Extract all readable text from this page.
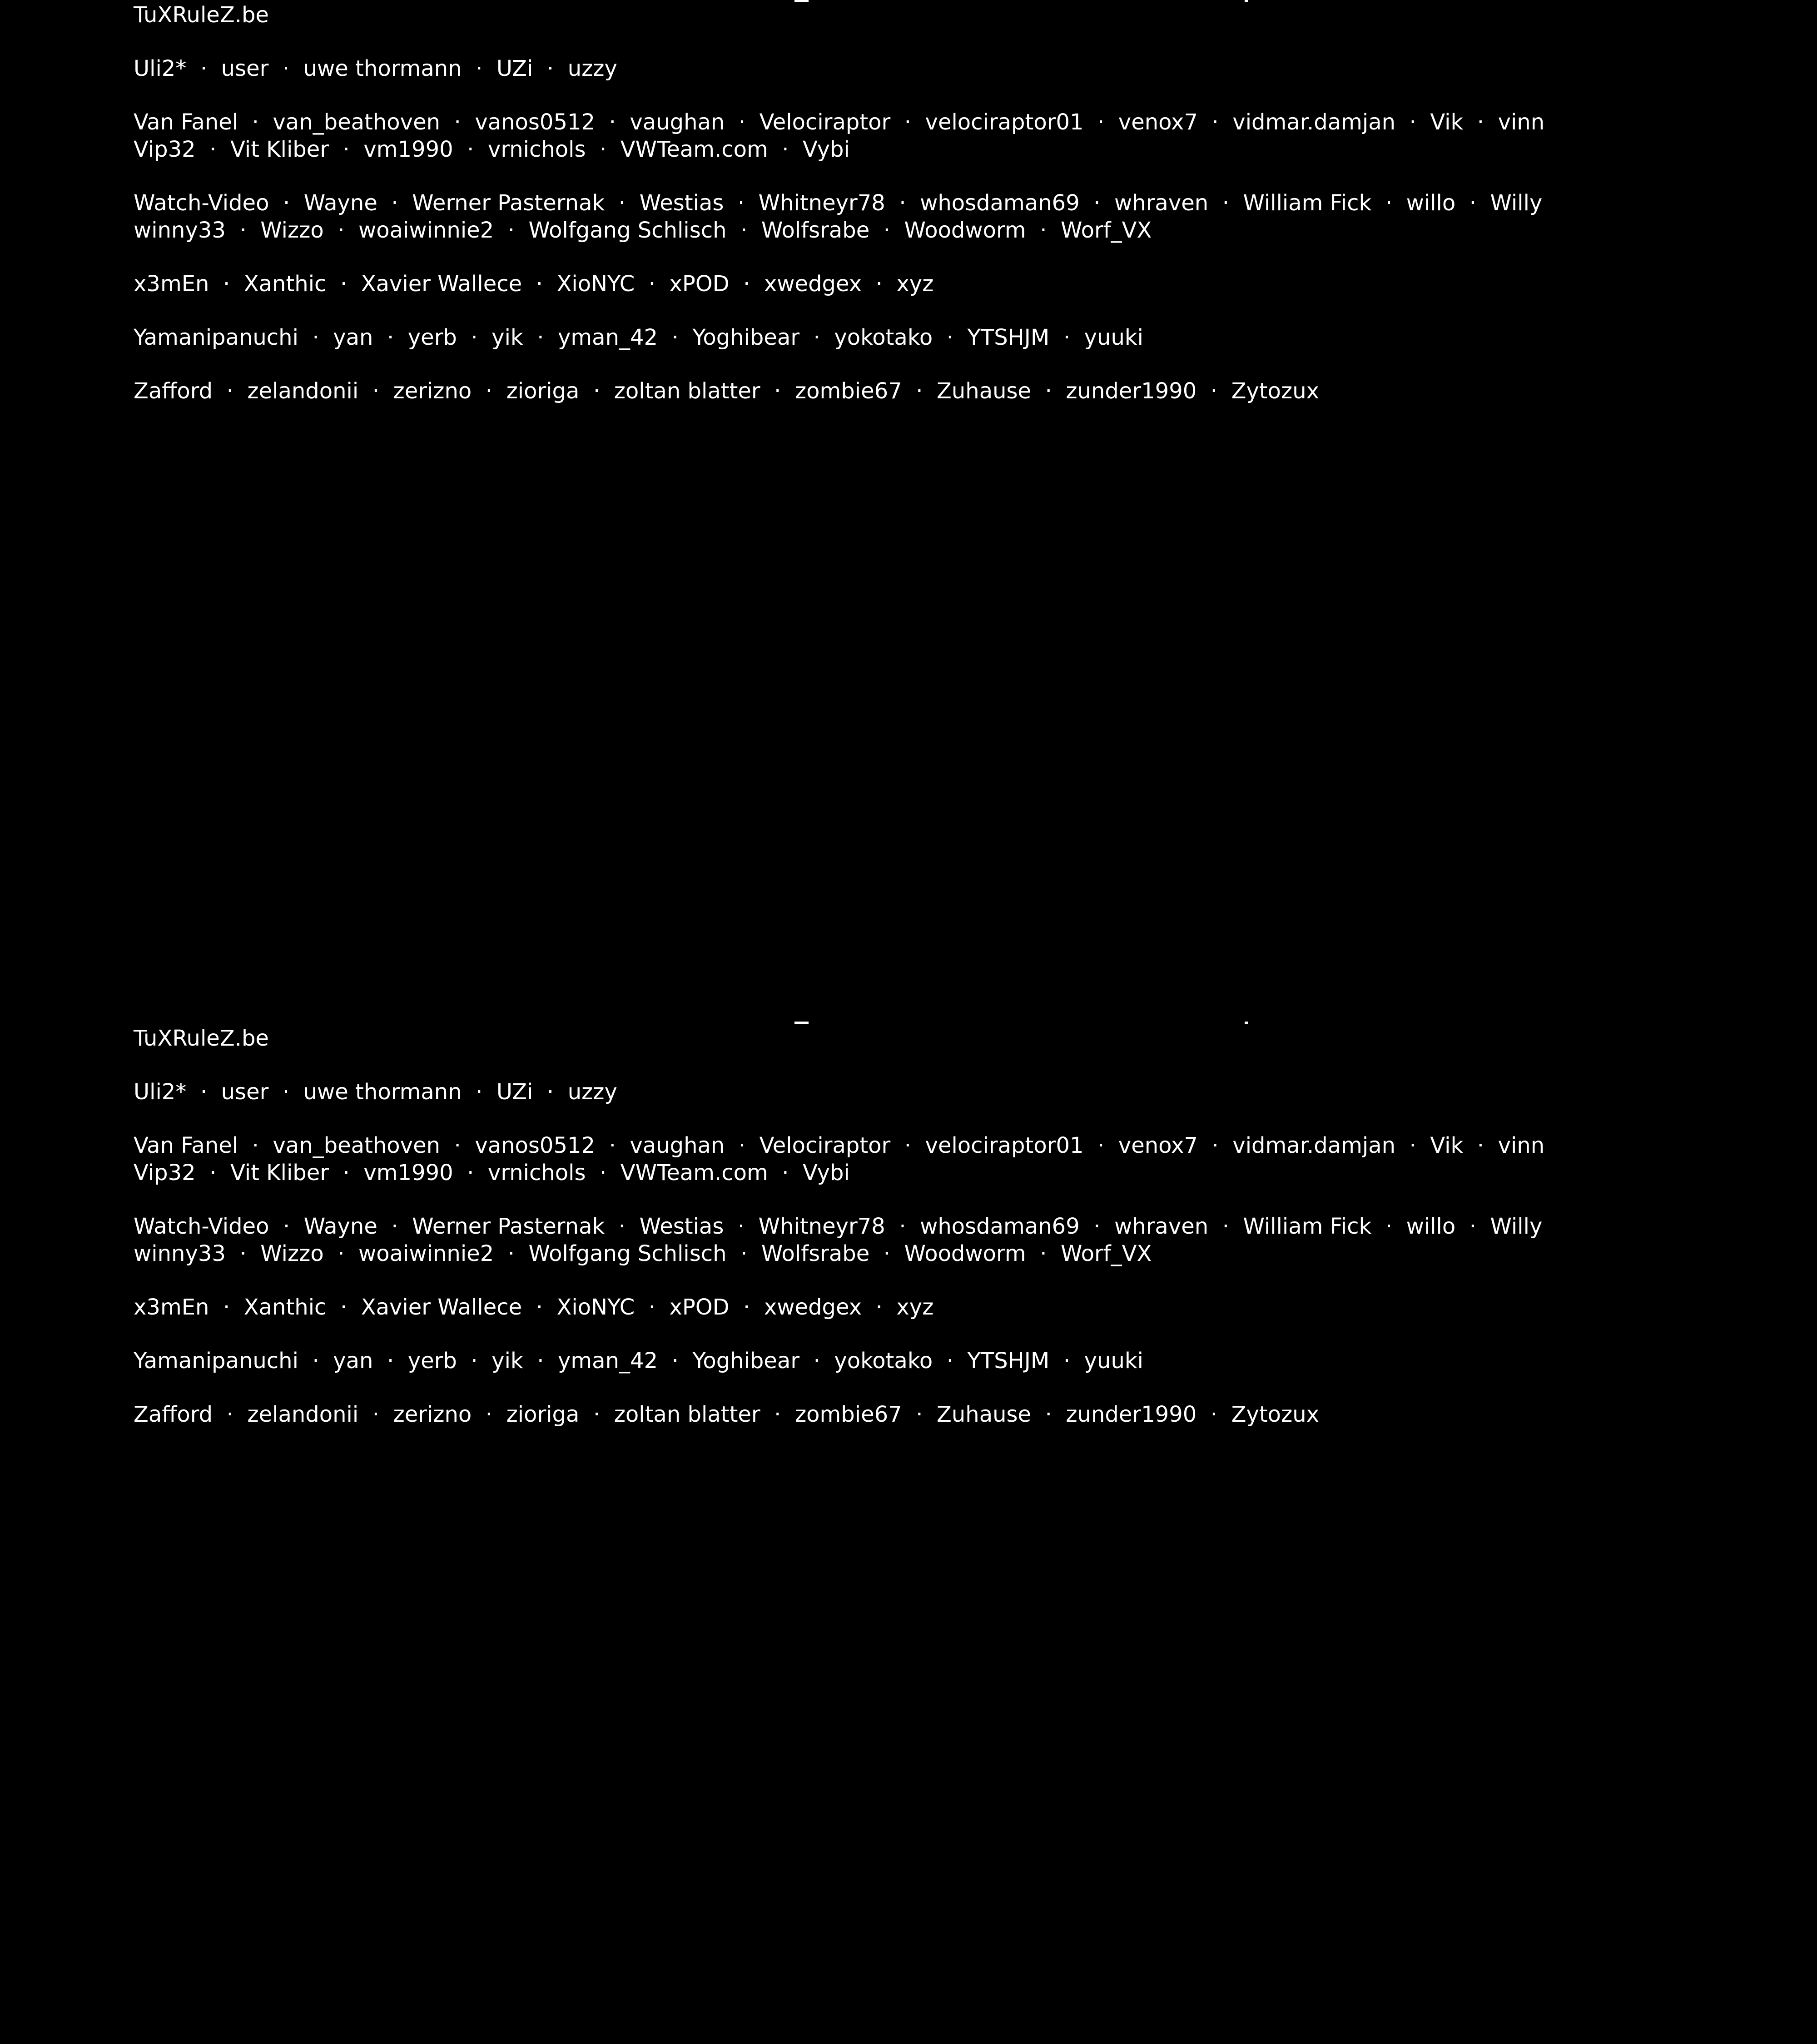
TuXRuleZ.be
Uli2*  ·  user  ·  uwe thormann  ·  UZi  ·  uzzy
Van Fanel  ·  van_beathoven  ·  vanos0512  ·  vaughan  ·  Velociraptor  ·  velociraptor01  ·  venox7  ·  vidmar.damjan  ·  Vik  ·  vinn
Vip32  ·  Vit Kliber  ·  vm1990  ·  vrnichols  ·  VWTeam.com  ·  Vybi
Watch-Video  ·  Wayne  ·  Werner Pasternak  ·  Westias  ·  Whitneyr78  ·  whosdaman69  ·  whraven  ·  William Fick  ·  willo  ·  Willy
winny33  ·  Wizzo  ·  woaiwinnie2  ·  Wolfgang Schlisch  ·  Wolfsrabe  ·  Woodworm  ·  Worf_VX
x3mEn  ·  Xanthic  ·  Xavier Wallece  ·  XioNYC  ·  xPOD  ·  xwedgex  ·  xyz
Yamanipanuchi  ·  yan  ·  yerb  ·  yik  ·  yman_42  ·  Yoghibear  ·  yokotako  ·  YTSHJM  ·  yuuki
Zafford  ·  zelandonii  ·  zerizno  ·  zioriga  ·  zoltan blatter  ·  zombie67  ·  Zuhause  ·  zunder1990  ·  Zytozux
TuXRuleZ.be
Uli2*  ·  user  ·  uwe thormann  ·  UZi  ·  uzzy
Van Fanel  ·  van_beathoven  ·  vanos0512  ·  vaughan  ·  Velociraptor  ·  velociraptor01  ·  venox7  ·  vidmar.damjan  ·  Vik  ·  vinn
Vip32  ·  Vit Kliber  ·  vm1990  ·  vrnichols  ·  VWTeam.com  ·  Vybi
Watch-Video  ·  Wayne  ·  Werner Pasternak  ·  Westias  ·  Whitneyr78  ·  whosdaman69  ·  whraven  ·  William Fick  ·  willo  ·  Willy
winny33  ·  Wizzo  ·  woaiwinnie2  ·  Wolfgang Schlisch  ·  Wolfsrabe  ·  Woodworm  ·  Worf_VX
x3mEn  ·  Xanthic  ·  Xavier Wallece  ·  XioNYC  ·  xPOD  ·  xwedgex  ·  xyz
Yamanipanuchi  ·  yan  ·  yerb  ·  yik  ·  yman_42  ·  Yoghibear  ·  yokotako  ·  YTSHJM  ·  yuuki
Zafford  ·  zelandonii  ·  zerizno  ·  zioriga  ·  zoltan blatter  ·  zombie67  ·  Zuhause  ·  zunder1990  ·  Zytozux
